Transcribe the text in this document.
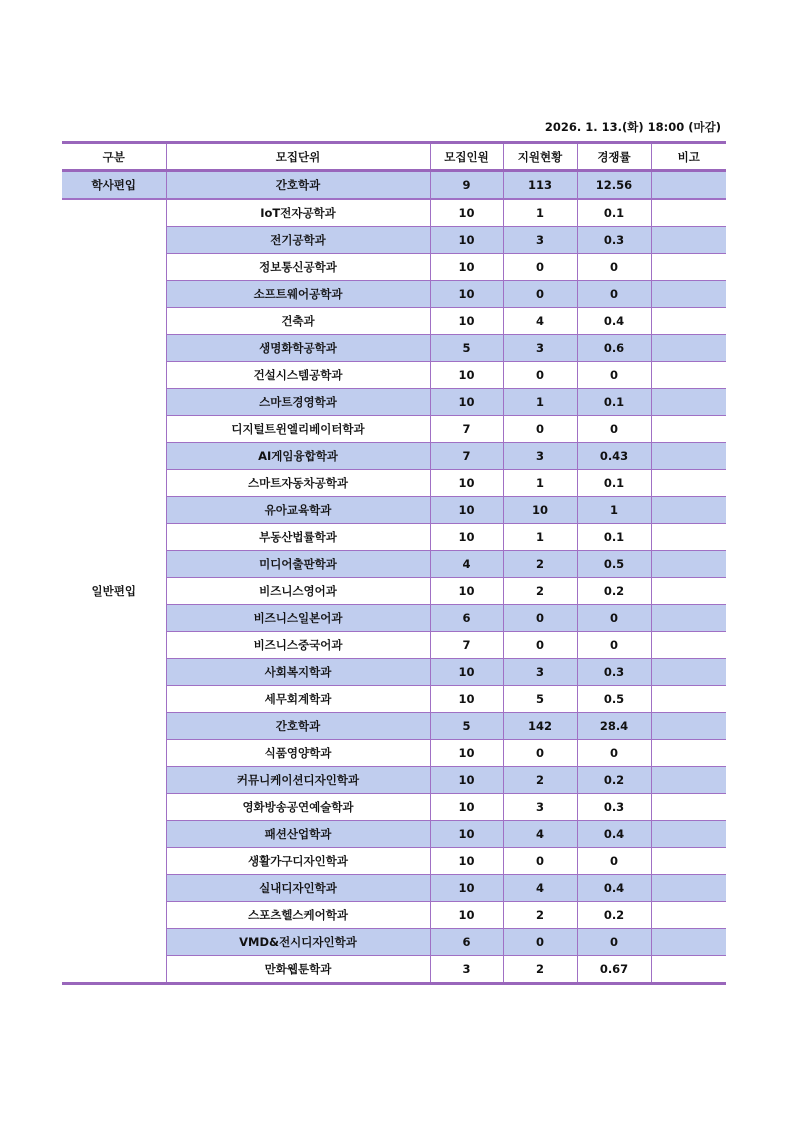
2026. 1. 13.(화) 18:00 (마감)
구분	모집단위	모집인원	지원현황	경쟁률	비고
학사편입	간호학과	9	113	12.56	
일반편입	IoT전자공학과	10	1	0.1	
	전기공학과	10	3	0.3	
	정보통신공학과	10	0	0	
	소프트웨어공학과	10	0	0	
	건축과	10	4	0.4	
	생명화학공학과	5	3	0.6	
	건설시스템공학과	10	0	0	
	스마트경영학과	10	1	0.1	
	디지털트윈엘리베이터학과	7	0	0	
	AI게임융합학과	7	3	0.43	
	스마트자동차공학과	10	1	0.1	
	유아교육학과	10	10	1	
	부동산법률학과	10	1	0.1	
	미디어출판학과	4	2	0.5	
	비즈니스영어과	10	2	0.2	
	비즈니스일본어과	6	0	0	
	비즈니스중국어과	7	0	0	
	사회복지학과	10	3	0.3	
	세무회계학과	10	5	0.5	
	간호학과	5	142	28.4	
	식품영양학과	10	0	0	
	커뮤니케이션디자인학과	10	2	0.2	
	영화방송공연예술학과	10	3	0.3	
	패션산업학과	10	4	0.4	
	생활가구디자인학과	10	0	0	
	실내디자인학과	10	4	0.4	
	스포츠헬스케어학과	10	2	0.2	
	VMD&전시디자인학과	6	0	0	
	만화웹툰학과	3	2	0.67	
